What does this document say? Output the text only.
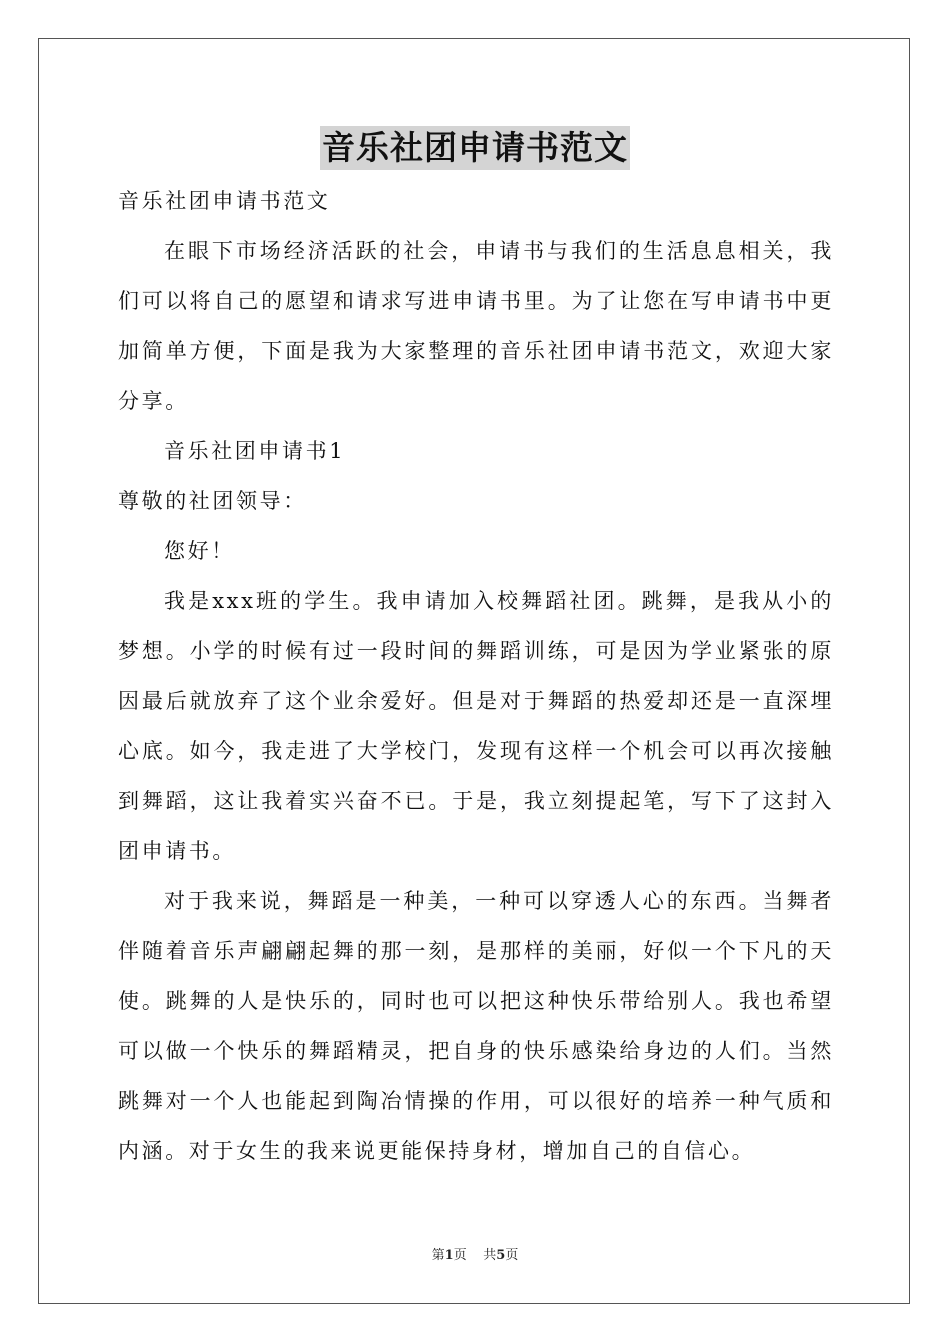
音乐社团申请书范文

音乐社团申请书范文

在眼下市场经济活跃的社会，申请书与我们的生活息息相关，我们可以将自己的愿望和请求写进申请书里。为了让您在写申请书中更加简单方便，下面是我为大家整理的音乐社团申请书范文，欢迎大家分享。

音乐社团申请书1

尊敬的社团领导：

您好！

我是xxx班的学生。我申请加入校舞蹈社团。跳舞，是我从小的梦想。小学的时候有过一段时间的舞蹈训练，可是因为学业紧张的原因最后就放弃了这个业余爱好。但是对于舞蹈的热爱却还是一直深埋心底。如今，我走进了大学校门，发现有这样一个机会可以再次接触到舞蹈，这让我着实兴奋不已。于是，我立刻提起笔，写下了这封入团申请书。

对于我来说，舞蹈是一种美，一种可以穿透人心的东西。当舞者伴随着音乐声翩翩起舞的那一刻，是那样的美丽，好似一个下凡的天使。跳舞的人是快乐的，同时也可以把这种快乐带给别人。我也希望可以做一个快乐的舞蹈精灵，把自身的快乐感染给身边的人们。当然跳舞对一个人也能起到陶冶情操的作用，可以很好的培养一种气质和内涵。对于女生的我来说更能保持身材，增加自己的自信心。

第1页 共5页
